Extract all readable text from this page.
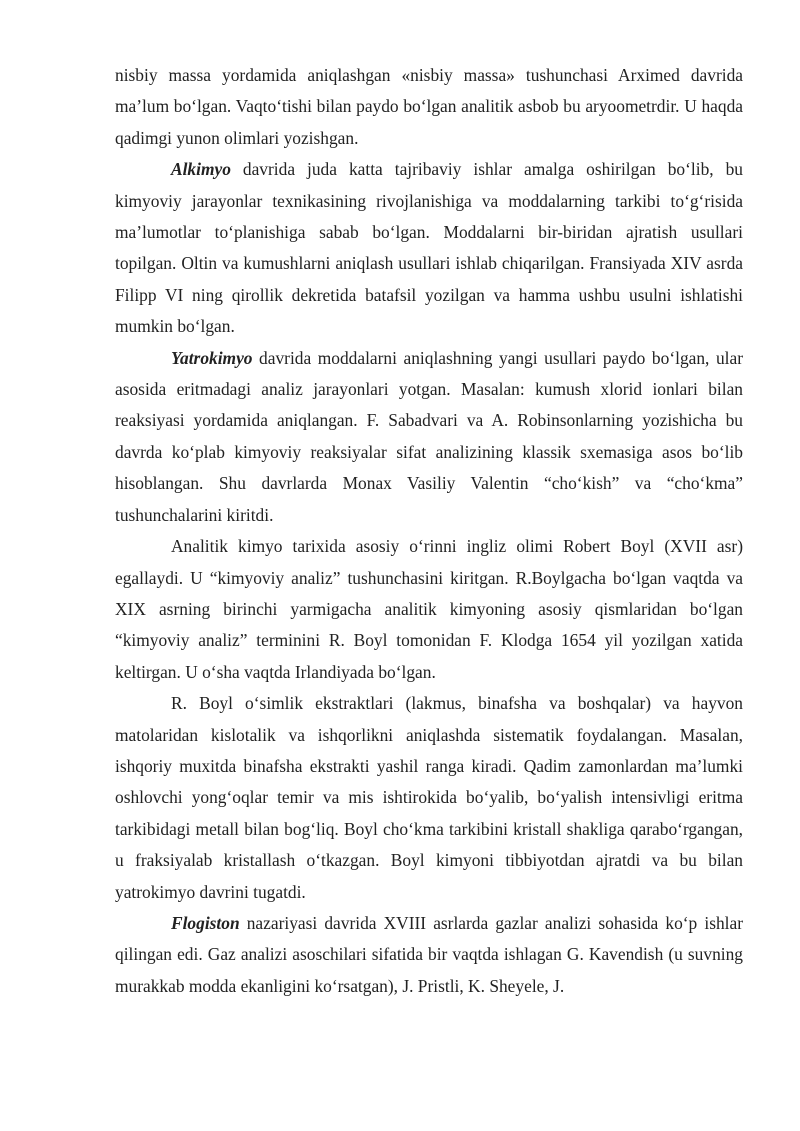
nisbiy massa yordamida aniqlashgan «nisbiy massa» tushunchasi Arximed davrida ma’lum bo‘lgan. Vaqto‘tishi bilan paydo bo‘lgan analitik asbob bu aryoometrdir. U haqda qadimgi yunon olimlari yozishgan.

Alkimyo davrida juda katta tajribaviy ishlar amalga oshirilgan bo‘lib, bu kimyoviy jarayonlar texnikasining rivojlanishiga va moddalarning tarkibi to‘g‘risida ma’lumotlar to‘planishiga sabab bo‘lgan. Moddalarni bir-biridan ajratish usullari topilgan. Oltin va kumushlarni aniqlash usullari ishlab chiqarilgan. Fransiyada XIV asrda Filipp VI ning qirollik dekretida batafsil yozilgan va hamma ushbu usulni ishlatishi mumkin bo‘lgan.

Yatrokimyo davrida moddalarni aniqlashning yangi usullari paydo bo‘lgan, ular asosida eritmadagi analiz jarayonlari yotgan. Masalan: kumush xlorid ionlari bilan reaksiyasi yordamida aniqlangan. F. Sabadvari va A. Robinsonlarning yozishicha bu davrda ko‘plab kimyoviy reaksiyalar sifat analizining klassik sxemasiga asos bo‘lib hisoblangan. Shu davrlarda Monax Vasiliy Valentin “cho‘kish” va “cho‘kma” tushunchalarini kiritdi.

Analitik kimyo tarixida asosiy o‘rinni ingliz olimi Robert Boyl (XVII asr) egallaydi. U “kimyoviy analiz” tushunchasini kiritgan. R.Boylgacha bo‘lgan vaqtda va XIX asrning birinchi yarmigacha analitik kimyoning asosiy qismlaridan bo‘lgan “kimyoviy analiz” terminini R. Boyl tomonidan F. Klodga 1654 yil yozilgan xatida keltirgan. U o‘sha vaqtda Irlandiyada bo‘lgan.

R. Boyl o‘simlik ekstraktlari (lakmus, binafsha va boshqalar) va hayvon matolaridan kislotalik va ishqorlikni aniqlashda sistematik foydalangan. Masalan, ishqoriy muxitda binafsha ekstrakti yashil ranga kiradi. Qadim zamonlardan ma’lumki oshlovchi yong‘oqlar temir va mis ishtirokida bo‘yalib, bo‘yalish intensivligi eritma tarkibidagi metall bilan bog‘liq. Boyl cho‘kma tarkibini kristall shakliga qarabo‘rgangan, u fraksiyalab kristallash o‘tkazgan. Boyl kimyoni tibbiyotdan ajratdi va bu bilan yatrokimyo davrini tugatdi.

Flogiston nazariyasi davrida XVIII asrlarda gazlar analizi sohasida ko‘p ishlar qilingan edi. Gaz analizi asoschilari sifatida bir vaqtda ishlagan G. Kavendish (u suvning murakkab modda ekanligini ko‘rsatgan), J. Pristli, K. Sheyele, J.
